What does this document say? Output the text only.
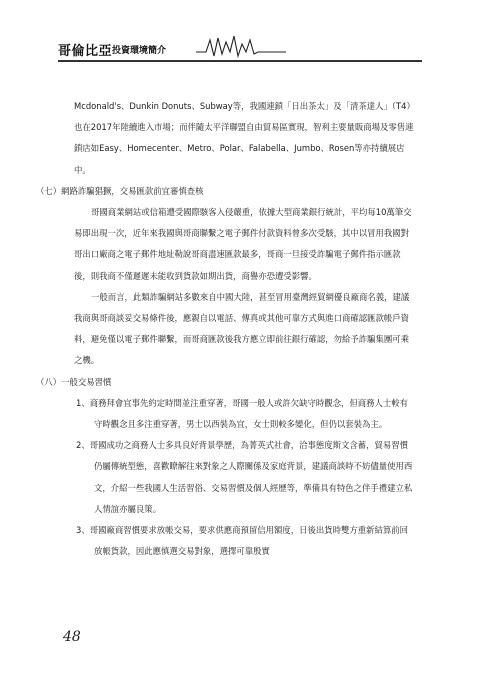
哥倫比亞 投資環境簡介

Mcdonald's、Dunkin Donuts、Subway等，我國連鎖「日出茶太」及「清茶達人」（T4）也在2017年陸續進入市場；而伴隨太平洋聯盟自由貿易區實現，智利主要量販商場及零售連鎖店如Easy、Homecenter、Metro、Polar、Falabella、Jumbo、Rosen等亦持續展店中。

（七）網路詐騙猖獗，交易匯款前宜審慎查核

哥國商業網站或信箱遭受國際駭客入侵嚴重，依據大型商業銀行統計，平均每10萬筆交易即出現一次，近年來我國與哥商聯繫之電子郵件付款資料曾多次受駭，其中以冒用我國對哥出口廠商之電子郵件地址勒說哥商盡速匯款最多，哥商一旦接受詐騙電子郵件指示匯款後，則我商不僅遲遲未能收到貨款如期出貨，商譽亦恐遭受影響。

一般而言，此類詐騙網站多數來自中國大陸，甚至冒用臺灣經貿網優良廠商名義，建議我商與哥商談妥交易條件後，應親自以電話、傳真或其他可靠方式與進口商確認匯款帳戶資料，避免僅以電子郵件聯繫，而哥商匯款後我方應立即前往銀行確認，勿給予詐騙集團可乘之機。

（八）一般交易習慣

1、商務拜會宜事先約定時間並注重穿著，哥國一般人或許欠缺守時觀念，但商務人士較有守時觀念且多注重穿著，男士以西裝為宜，女士則較多變化，但仍以套裝為主。

2、哥國成功之商務人士多具良好背景學歷，為菁英式社會，洽事態度斯文含蓄，貿易習慣仍屬傳統型態，喜歡瞭解往來對象之人際關係及家庭背景，建議商談時不妨儘量使用西文，介紹一些我國人生活習俗、交易習慣及個人經歷等，準備具有特色之伴手禮建立私人情誼亦屬良策。

3、哥國廠商習慣要求放帳交易，要求供應商預留信用額度，日後出貨時雙方重新結算前回放帳貨款，因此應慎選交易對象，選擇可靠殷實

48
